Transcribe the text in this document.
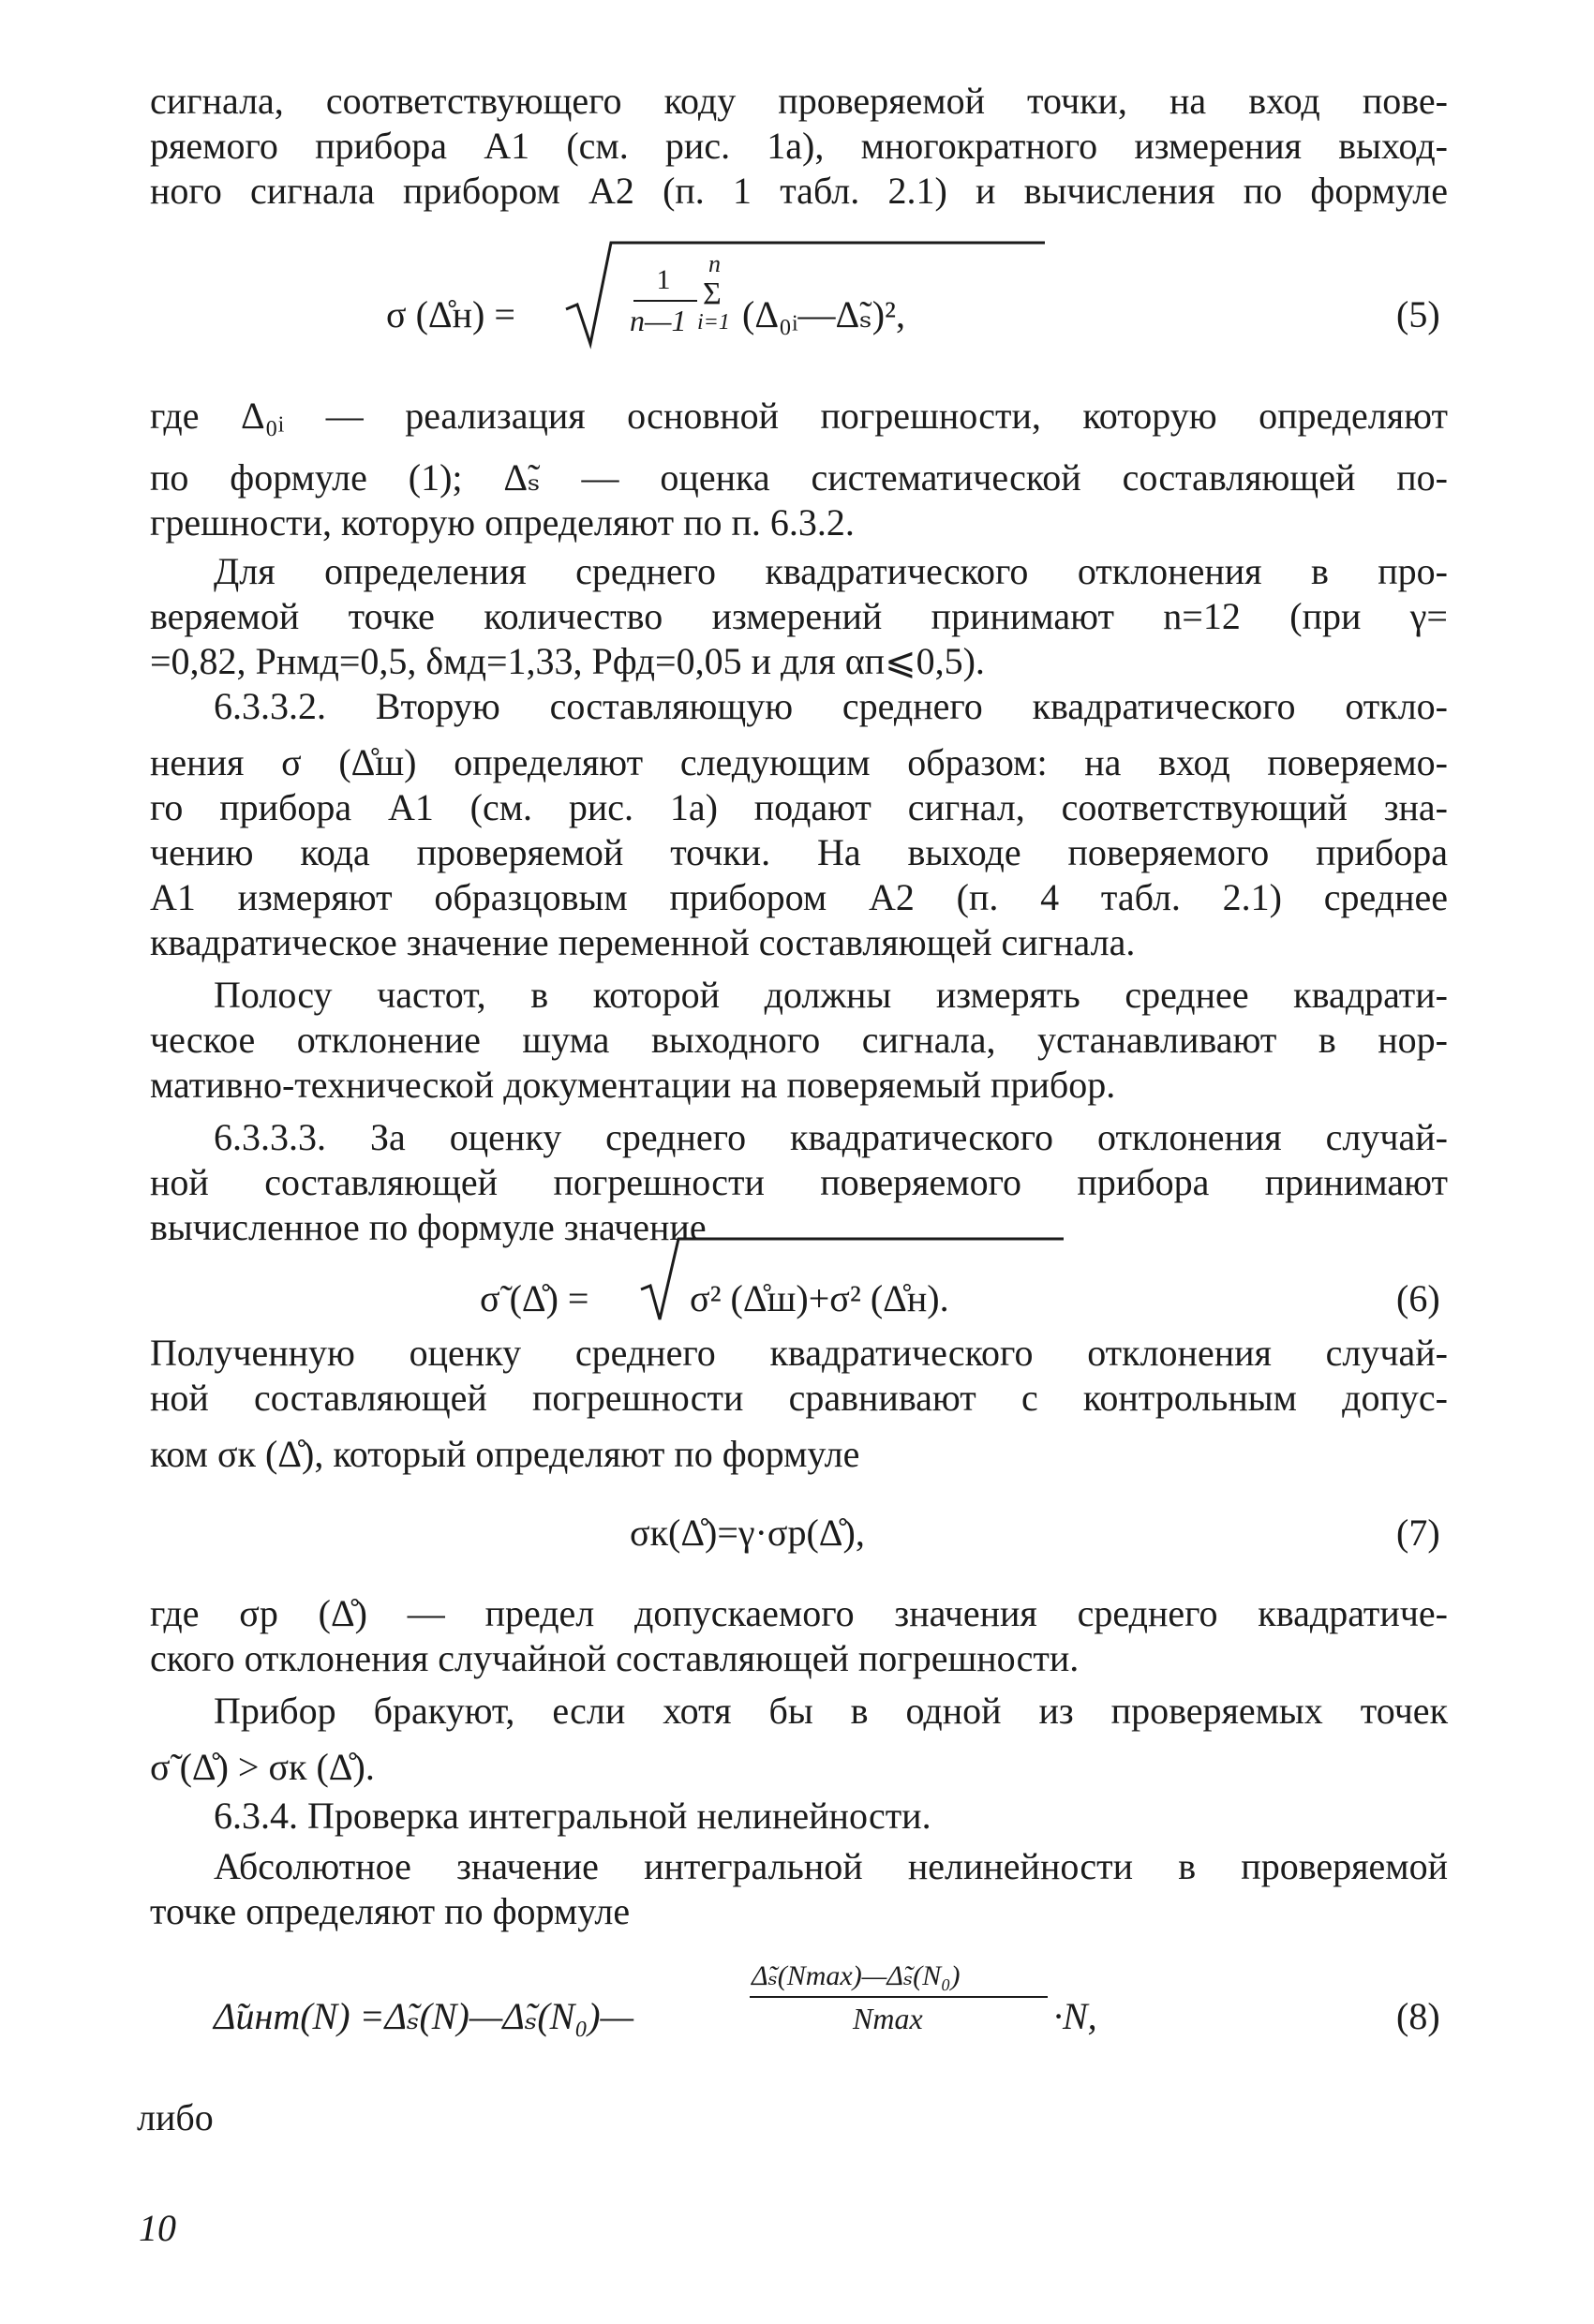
сигнала, соответствующего коду проверяемой точки, на вход пове-
ряемого прибора A1 (см. рис. 1а), многократного измерения выход-
ного сигнала прибором A2 (п. 1 табл. 2.1) и вычисления по формуле
σ (Δ̊н) =
1
n—1
n
Σ
i=1 (Δ₀ᵢ—Δ̃ₛ)²,	(5)
где Δ₀ᵢ — реализация основной погрешности, которую определяют
по формуле (1); Δ̃ₛ — оценка систематической составляющей по-
грешности, которую определяют по п. 6.3.2.
Для определения среднего квадратического отклонения в про-
веряемой точке количество измерений принимают n=12 (при γ=
=0,82, Pнмд=0,5, δмд=1,33, Pфд=0,05 и для αп⩽0,5).
6.3.3.2. Вторую составляющую среднего квадратического откло-
нения σ (Δ̊ш) определяют следующим образом: на вход поверяемо-
го прибора A1 (см. рис. 1а) подают сигнал, соответствующий зна-
чению кода проверяемой точки. На выходе поверяемого прибора
A1 измеряют образцовым прибором A2 (п. 4 табл. 2.1) среднее
квадратическое значение переменной составляющей сигнала.
Полосу частот, в которой должны измерять среднее квадрати-
ческое отклонение шума выходного сигнала, устанавливают в нор-
мативно-технической документации на поверяемый прибор.
6.3.3.3. За оценку среднего квадратического отклонения случай-
ной составляющей погрешности поверяемого прибора принимают
вычисленное по формуле значение
σ̃ (Δ̊) =	σ² (Δ̊ш)+σ² (Δ̊н).	(6)
Полученную оценку среднего квадратического отклонения случай-
ной составляющей погрешности сравнивают с контрольным допус-
ком σк (Δ̊), который определяют по формуле
σк(Δ̊)=γ·σр(Δ̊),	(7)
где σр (Δ̊) — предел допускаемого значения среднего квадратиче-
ского отклонения случайной составляющей погрешности.
Прибор бракуют, если хотя бы в одной из проверяемых точек
σ̃ (Δ̊) > σк (Δ̊).
6.3.4. Проверка интегральной нелинейности.
Абсолютное значение интегральной нелинейности в проверяемой
точке определяют по формуле
Δ̃инт(N) =Δ̃ₛ(N)—Δ̃ₛ(N₀)—
Δ̃ₛ(Nmax)—Δ̃ₛ(N₀)
Nmax	·N,	(8)
либо
10
